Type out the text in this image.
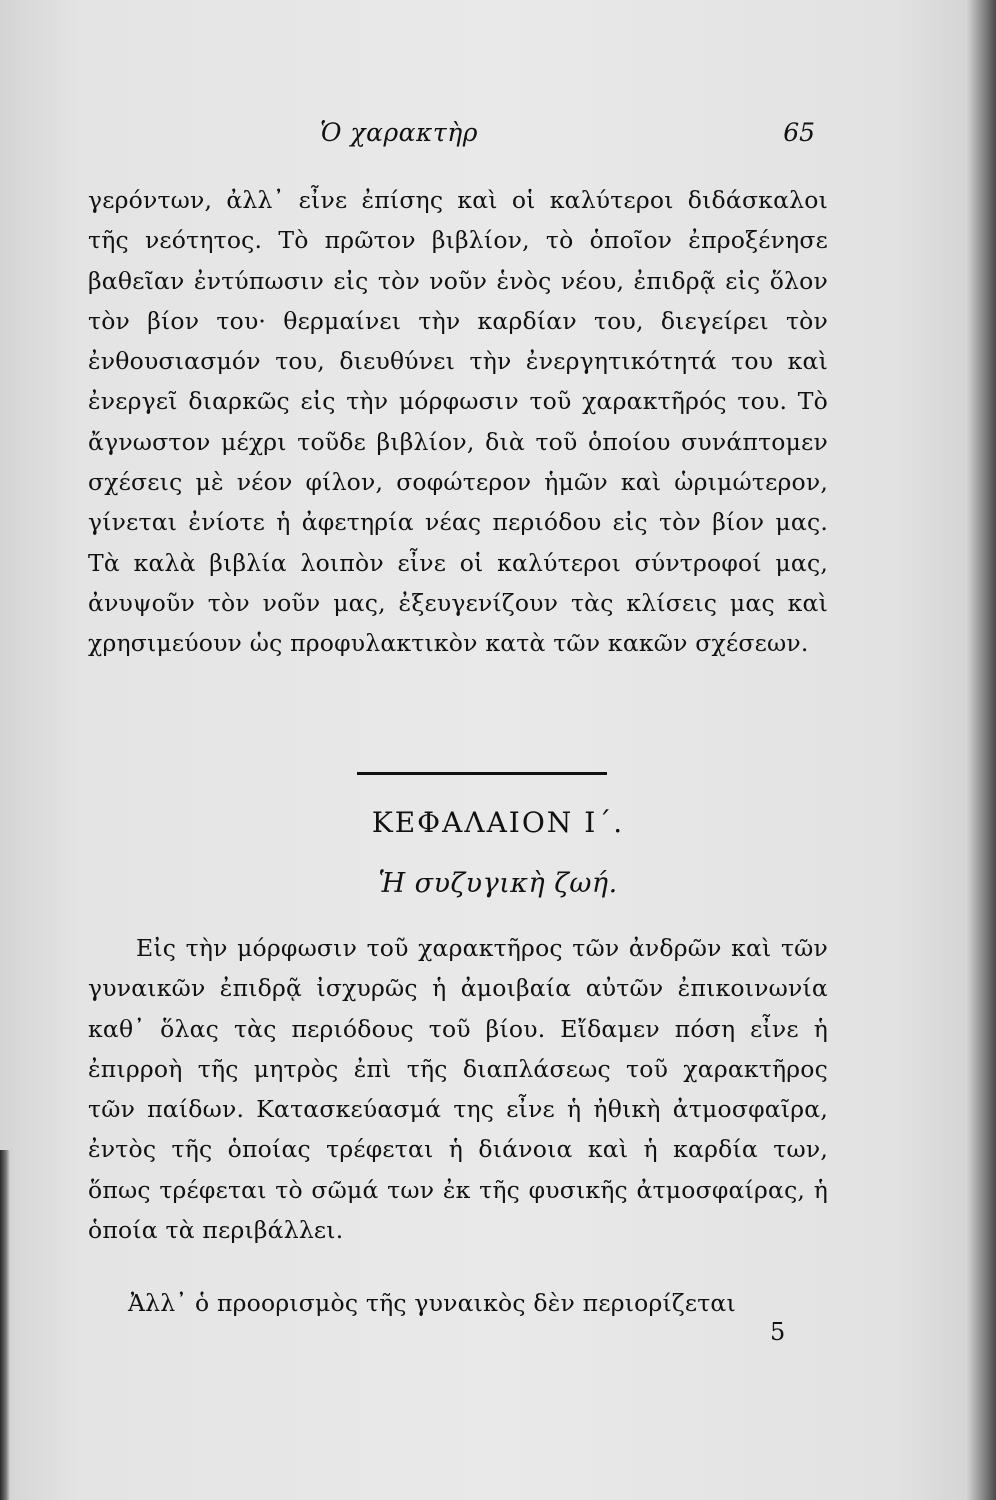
Ὁ χαρακτὴρ	65
γερόντων, ἀλλ᾽ εἶνε ἐπίσης καὶ οἱ καλύτεροι διδάσκαλοι τῆς νεότητος. Τὸ πρῶτον βιβλίον, τὸ ὁποῖον ἐπροξένησε βαθεῖαν ἐντύπωσιν εἰς τὸν νοῦν ἑνὸς νέου, ἐπιδρᾷ εἰς ὅλον τὸν βίον του· θερμαίνει τὴν καρδίαν του, διεγείρει τὸν ἐνθουσιασμόν του, διευθύνει τὴν ἐνεργητικότητά του καὶ ἐνεργεῖ διαρκῶς εἰς τὴν μόρφωσιν τοῦ χαρακτῆρός του. Τὸ ἄγνωστον μέχρι τοῦδε βιβλίον, διὰ τοῦ ὁποίου συνάπτομεν σχέσεις μὲ νέον φίλον, σοφώτερον ἡμῶν καὶ ὡριμώτερον, γίνεται ἐνίοτε ἡ ἀφετηρία νέας περιόδου εἰς τὸν βίον μας. Τὰ καλὰ βιβλία λοιπὸν εἶνε οἱ καλύτεροι σύντροφοί μας, ἀνυψοῦν τὸν νοῦν μας, ἐξευγενίζουν τὰς κλίσεις μας καὶ χρησιμεύουν ὡς προφυλακτικὸν κατὰ τῶν κακῶν σχέσεων.
ΚΕΦΑΛΑΙΟΝ Ι΄.
Ἡ συζυγικὴ ζωή.
Εἰς τὴν μόρφωσιν τοῦ χαρακτῆρος τῶν ἀνδρῶν καὶ τῶν γυναικῶν ἐπιδρᾷ ἰσχυρῶς ἡ ἀμοιβαία αὐτῶν ἐπικοινωνία καθ᾽ ὅλας τὰς περιόδους τοῦ βίου. Εἴδαμεν πόση εἶνε ἡ ἐπιρροὴ τῆς μητρὸς ἐπὶ τῆς διαπλάσεως τοῦ χαρακτῆρος τῶν παίδων. Κατασκεύασμά της εἶνε ἡ ἠθικὴ ἀτμοσφαῖρα, ἐντὸς τῆς ὁποίας τρέφεται ἡ διάνοια καὶ ἡ καρδία των, ὅπως τρέφεται τὸ σῶμά των ἐκ τῆς φυσικῆς ἀτμοσφαίρας, ἡ ὁποία τὰ περιβάλλει.
Ἀλλ᾽ ὁ προορισμὸς τῆς γυναικὸς δὲν περιορίζεται
5
